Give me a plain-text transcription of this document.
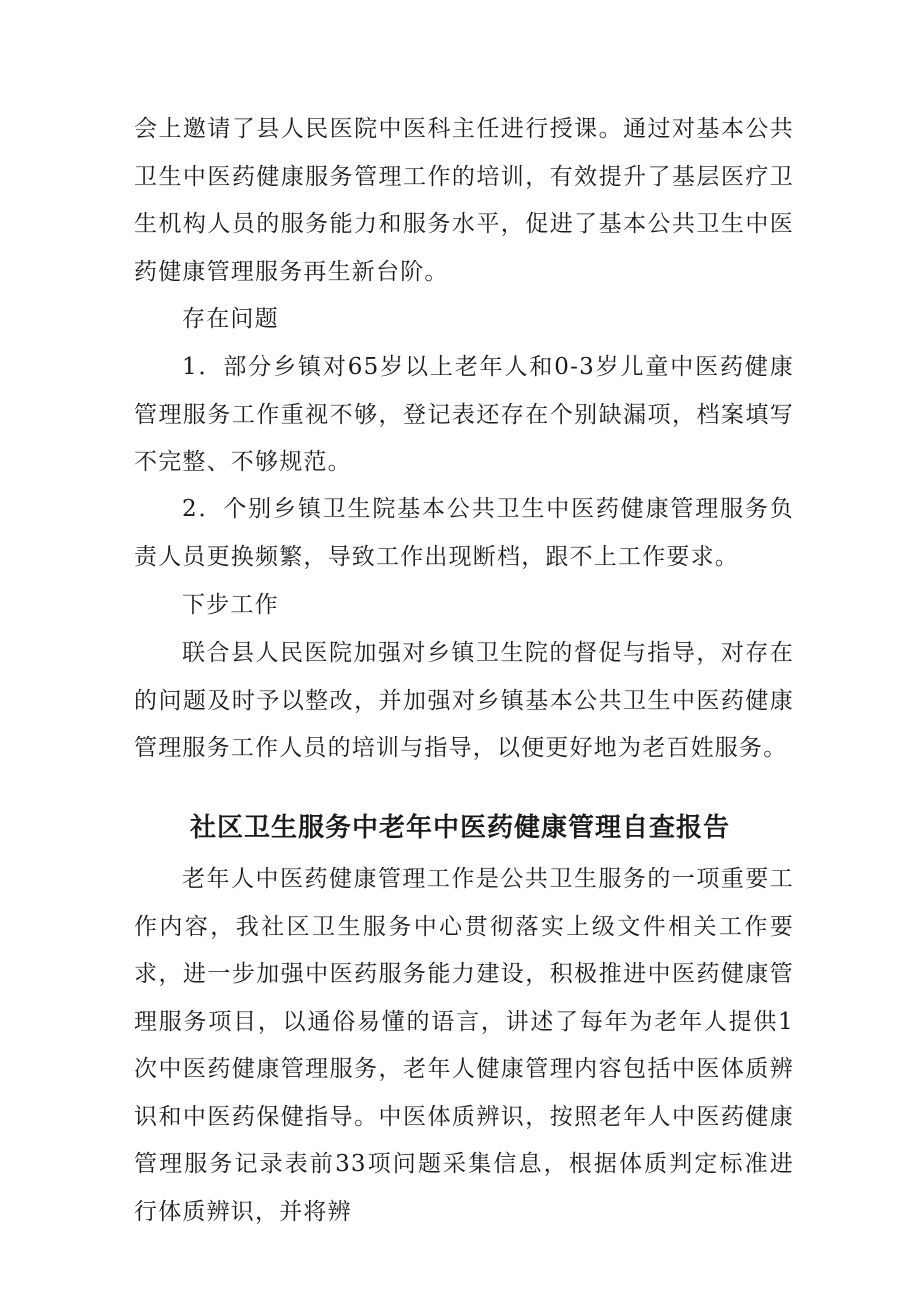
会上邀请了县人民医院中医科主任进行授课。通过对基本公共卫生中医药健康服务管理工作的培训，有效提升了基层医疗卫生机构人员的服务能力和服务水平，促进了基本公共卫生中医药健康管理服务再生新台阶。

存在问题

1．部分乡镇对65岁以上老年人和0-3岁儿童中医药健康管理服务工作重视不够，登记表还存在个别缺漏项，档案填写不完整、不够规范。

2．个别乡镇卫生院基本公共卫生中医药健康管理服务负责人员更换频繁，导致工作出现断档，跟不上工作要求。

下步工作

联合县人民医院加强对乡镇卫生院的督促与指导，对存在的问题及时予以整改，并加强对乡镇基本公共卫生中医药健康管理服务工作人员的培训与指导，以便更好地为老百姓服务。

社区卫生服务中老年中医药健康管理自查报告

老年人中医药健康管理工作是公共卫生服务的一项重要工作内容，我社区卫生服务中心贯彻落实上级文件相关工作要求，进一步加强中医药服务能力建设，积极推进中医药健康管理服务项目，以通俗易懂的语言，讲述了每年为老年人提供1次中医药健康管理服务，老年人健康管理内容包括中医体质辨识和中医药保健指导。中医体质辨识，按照老年人中医药健康管理服务记录表前33项问题采集信息，根据体质判定标准进行体质辨识，并将辨
